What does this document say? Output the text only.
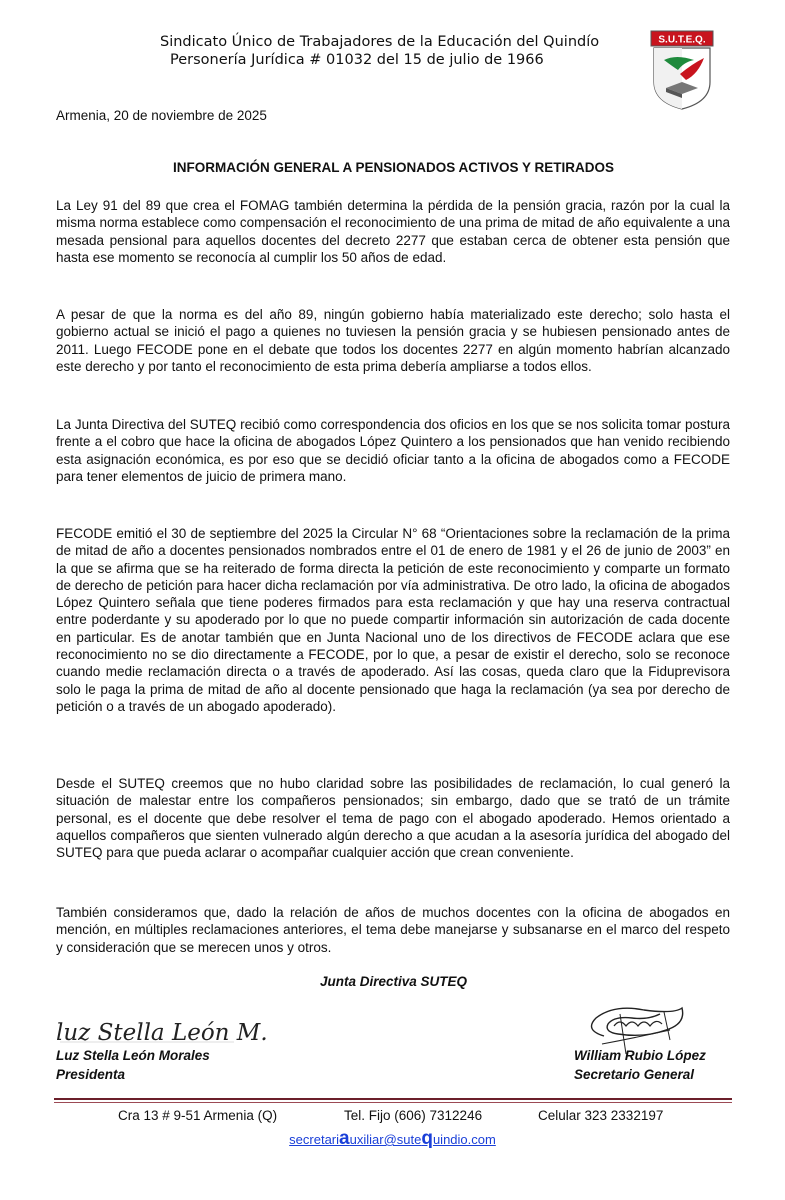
Sindicato Único de Trabajadores de la Educación del Quindío
Personería Jurídica # 01032 del 15 de julio de 1966
S.U.T.E.Q.
Armenia, 20 de noviembre de 2025
INFORMACIÓN GENERAL A PENSIONADOS ACTIVOS Y RETIRADOS

La Ley 91 del 89 que crea el FOMAG también determina la pérdida de la pensión gracia, razón por la cual la misma norma establece como compensación el reconocimiento de una prima de mitad de año equivalente a una mesada pensional para aquellos docentes del decreto 2277 que estaban cerca de obtener esta pensión que hasta ese momento se reconocía al cumplir los 50 años de edad.

A pesar de que la norma es del año 89, ningún gobierno había materializado este derecho; solo hasta el gobierno actual se inició el pago a quienes no tuviesen la pensión gracia y se hubiesen pensionado antes de 2011. Luego FECODE pone en el debate que todos los docentes 2277 en algún momento habrían alcanzado este derecho y por tanto el reconocimiento de esta prima debería ampliarse a todos ellos.

La Junta Directiva del SUTEQ recibió como correspondencia dos oficios en los que se nos solicita tomar postura frente a el cobro que hace la oficina de abogados López Quintero a los pensionados que han venido recibiendo esta asignación económica, es por eso que se decidió oficiar tanto a la oficina de abogados como a FECODE para tener elementos de juicio de primera mano.

FECODE emitió el 30 de septiembre del 2025 la Circular N° 68 “Orientaciones sobre la reclamación de la prima de mitad de año a docentes pensionados nombrados entre el 01 de enero de 1981 y el 26 de junio de 2003” en la que se afirma que se ha reiterado de forma directa la petición de este reconocimiento y comparte un formato de derecho de petición para hacer dicha reclamación por vía administrativa. De otro lado, la oficina de abogados López Quintero señala que tiene poderes firmados para esta reclamación y que hay una reserva contractual entre poderdante y su apoderado por lo que no puede compartir información sin autorización de cada docente en particular. Es de anotar también que en Junta Nacional uno de los directivos de FECODE aclara que ese reconocimiento no se dio directamente a FECODE, por lo que, a pesar de existir el derecho, solo se reconoce cuando medie reclamación directa o a través de apoderado. Así las cosas, queda claro que la Fiduprevisora solo le paga la prima de mitad de año al docente pensionado que haga la reclamación (ya sea por derecho de petición o a través de un abogado apoderado).

Desde el SUTEQ creemos que no hubo claridad sobre las posibilidades de reclamación, lo cual generó la situación de malestar entre los compañeros pensionados; sin embargo, dado que se trató de un trámite personal, es el docente que debe resolver el tema de pago con el abogado apoderado. Hemos orientado a aquellos compañeros que sienten vulnerado algún derecho a que acudan a la asesoría jurídica del abogado del SUTEQ para que pueda aclarar o acompañar cualquier acción que crean conveniente.

También consideramos que, dado la relación de años de muchos docentes con la oficina de abogados en mención, en múltiples reclamaciones anteriores, el tema debe manejarse y subsanarse en el marco del respeto y consideración que se merecen unos y otros.

Junta Directiva SUTEQ
luz Stella León M.
Luz Stella León Morales
Presidenta
William Rubio López
Secretario General
Cra 13 # 9-51 Armenia (Q)	Tel. Fijo (606) 7312246	Celular 323 2332197
secretariauxiliar@sutequindio.com
